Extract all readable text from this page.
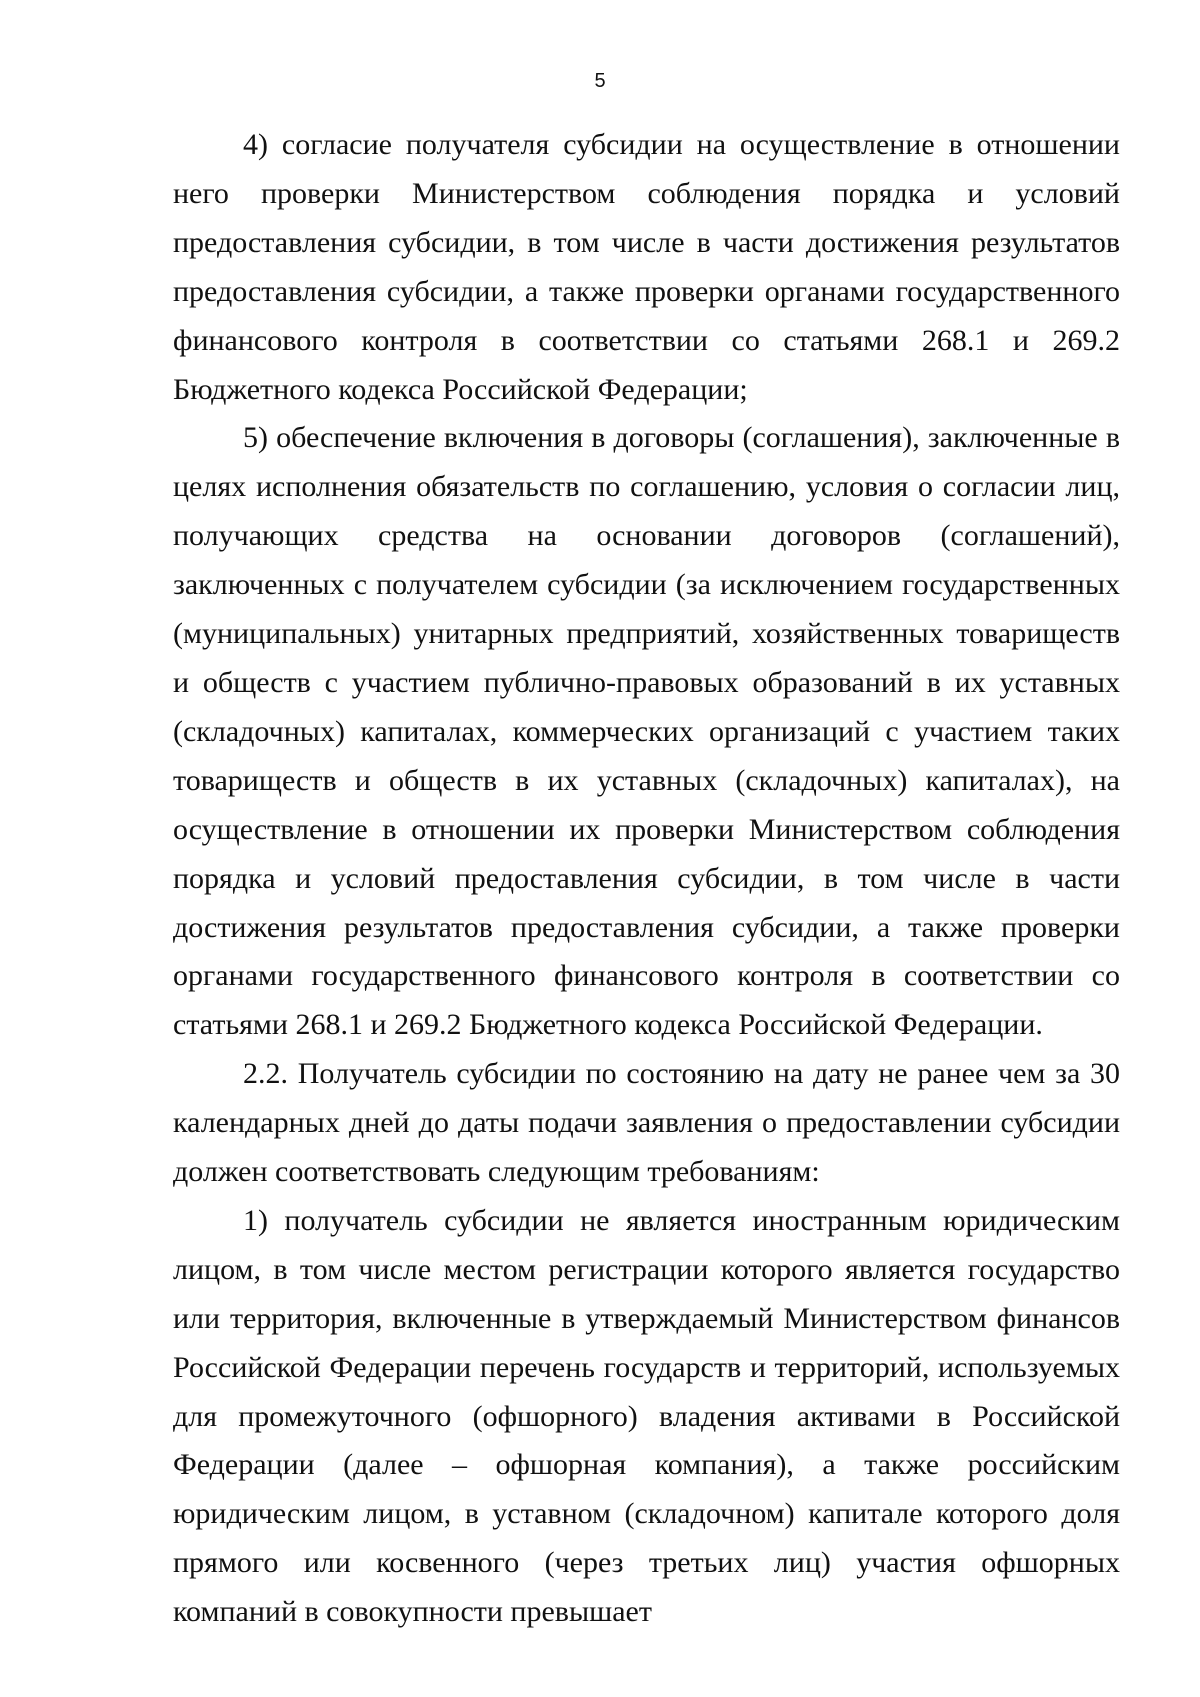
5

4) согласие получателя субсидии на осуществление в отношении него проверки Министерством соблюдения порядка и условий предоставления субсидии, в том числе в части достижения результатов предоставления субсидии, а также проверки органами государственного финансового контроля в соответствии со статьями 268.1 и 269.2 Бюджетного кодекса Российской Федерации;

5) обеспечение включения в договоры (соглашения), заключенные в целях исполнения обязательств по соглашению, условия о согласии лиц, получающих средства на основании договоров (соглашений), заключенных с получателем субсидии (за исключением государственных (муниципальных) унитарных предприятий, хозяйственных товариществ и обществ с участием публично-правовых образований в их уставных (складочных) капиталах, коммерческих организаций с участием таких товариществ и обществ в их уставных (складочных) капиталах), на осуществление в отношении их проверки Министерством соблюдения порядка и условий предоставления субсидии, в том числе в части достижения результатов предоставления субсидии, а также проверки органами государственного финансового контроля в соответствии со статьями 268.1 и 269.2 Бюджетного кодекса Российской Федерации.

2.2. Получатель субсидии по состоянию на дату не ранее чем за 30 календарных дней до даты подачи заявления о предоставлении субсидии должен соответствовать следующим требованиям:

1) получатель субсидии не является иностранным юридическим лицом, в том числе местом регистрации которого является государство или территория, включенные в утверждаемый Министерством финансов Российской Федерации перечень государств и территорий, используемых для промежуточного (офшорного) владения активами в Российской Федерации (далее – офшорная компания), а также российским юридическим лицом, в уставном (складочном) капитале которого доля прямого или косвенного (через третьих лиц) участия офшорных компаний в совокупности превышает
